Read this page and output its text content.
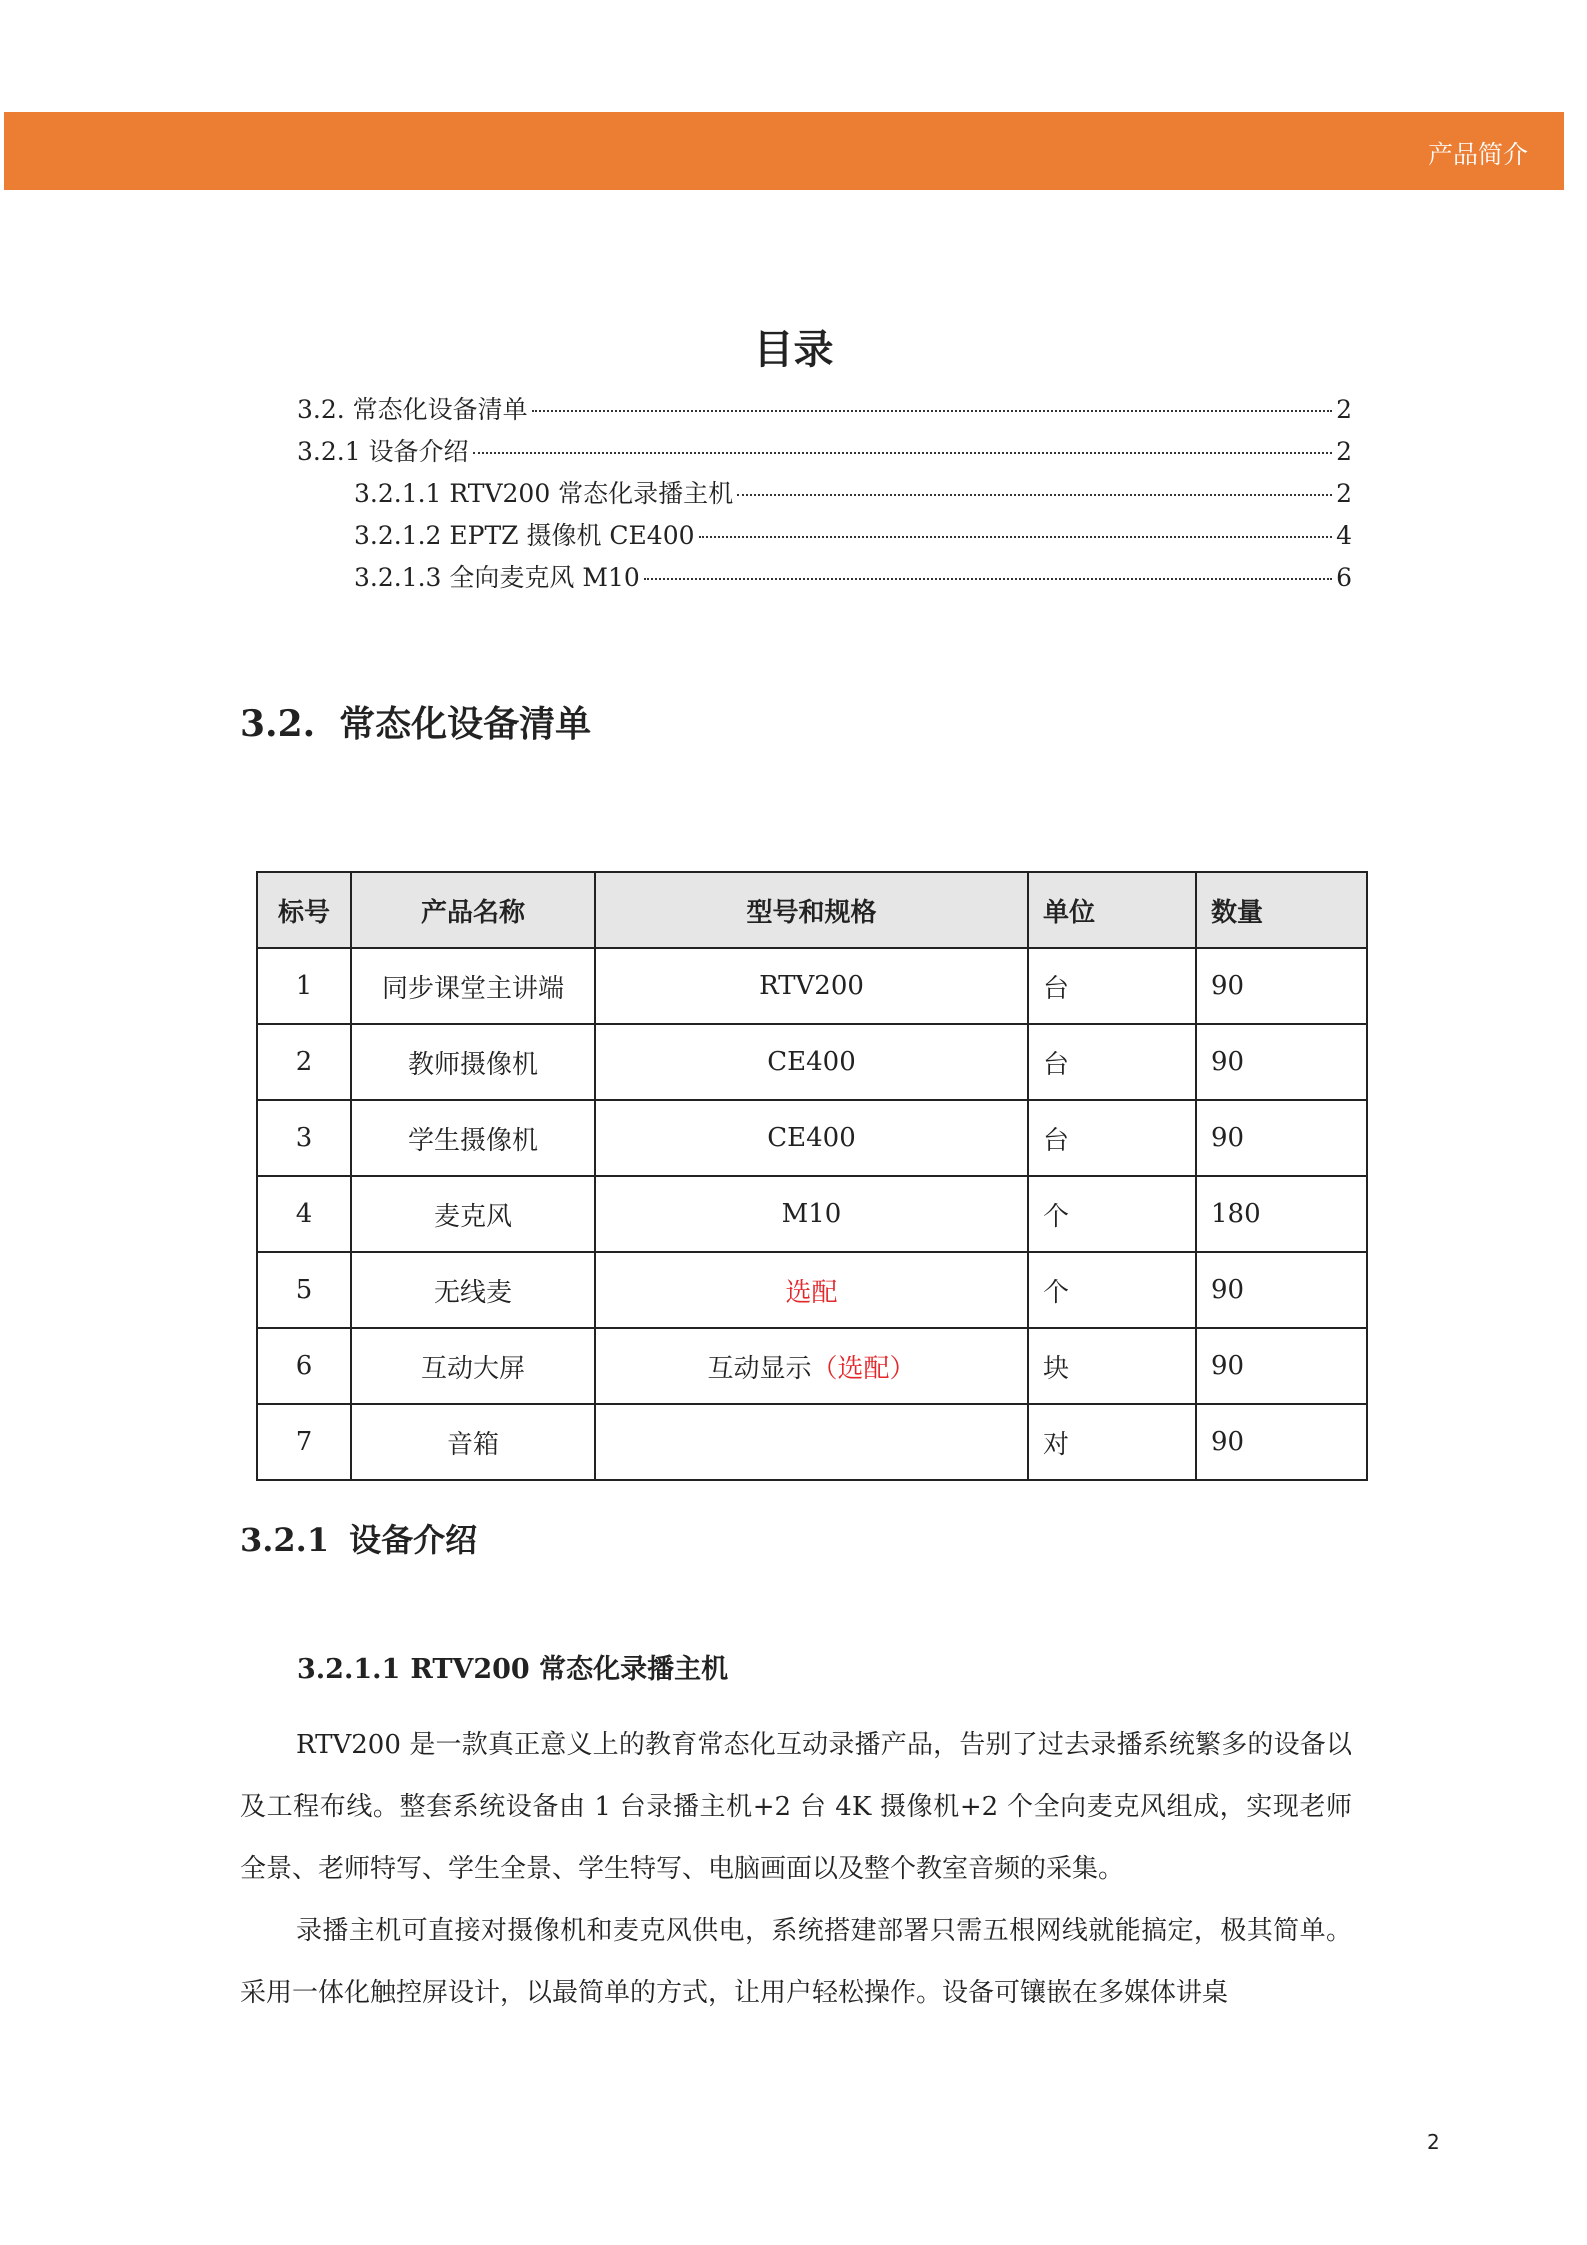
产品简介
目录
3.2. 常态化设备清单	2
3.2.1 设备介绍	2
3.2.1.1 RTV200 常态化录播主机	2
3.2.1.2 EPTZ 摄像机 CE400	4
3.2.1.3 全向麦克风 M10	6
3.2. 常态化设备清单
标号	产品名称	型号和规格	单位	数量
1	同步课堂主讲端	RTV200	台	90
2	教师摄像机	CE400	台	90
3	学生摄像机	CE400	台	90
4	麦克风	M10	个	180
5	无线麦	选配	个	90
6	互动大屏	互动显示（选配）	块	90
7	音箱		对	90
3.2.1 设备介绍
3.2.1.1 RTV200 常态化录播主机

RTV200 是一款真正意义上的教育常态化互动录播产品，告别了过去录播系统繁多的设备以及工程布线。整套系统设备由 1 台录播主机+2 台 4K 摄像机+2 个全向麦克风组成，实现老师全景、老师特写、学生全景、学生特写、电脑画面以及整个教室音频的采集。

录播主机可直接对摄像机和麦克风供电，系统搭建部署只需五根网线就能搞定，极其简单。采用一体化触控屏设计，以最简单的方式，让用户轻松操作。设备可镶嵌在多媒体讲桌

2
